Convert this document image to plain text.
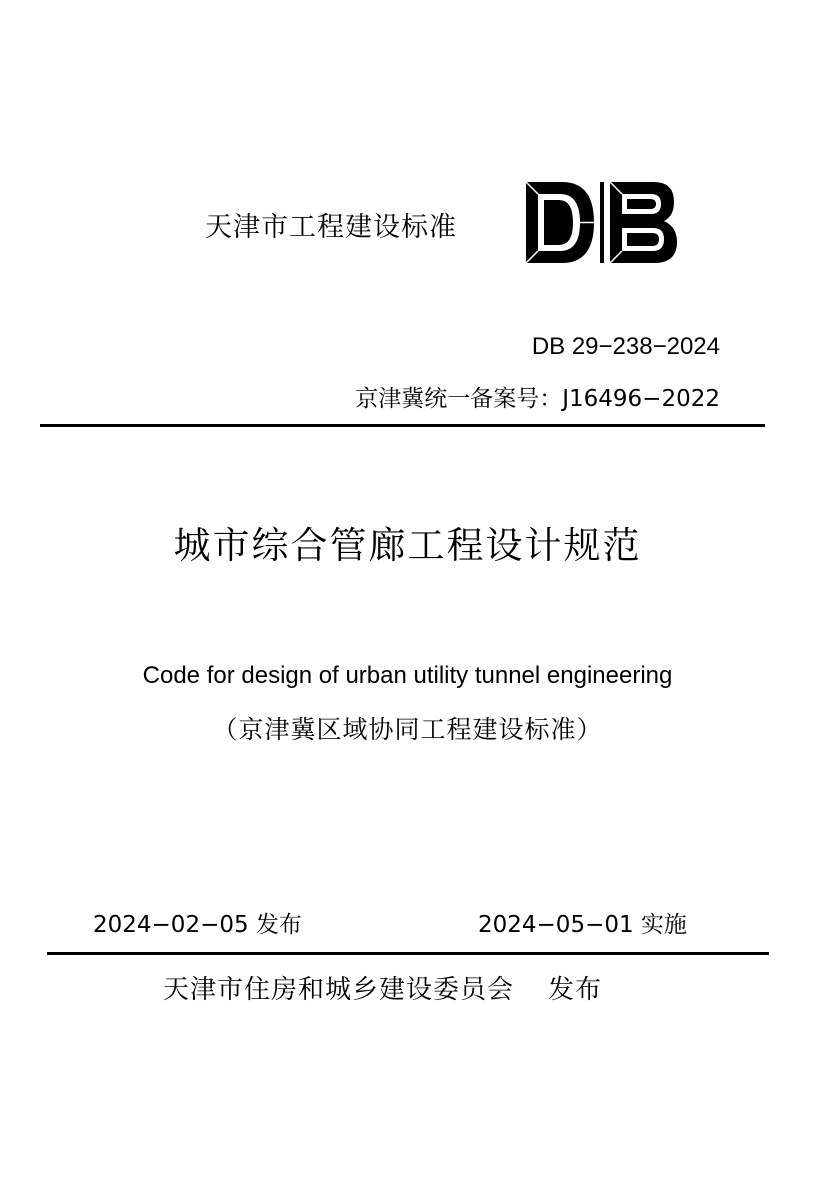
天津市工程建设标准
DB 29−238−2024
京津冀统一备案号：J16496−2022
城市综合管廊工程设计规范
Code for design of urban utility tunnel engineering
（京津冀区域协同工程建设标准）
2024−02−05 发布	2024−05−01 实施
天津市住房和城乡建设委员会 发布
